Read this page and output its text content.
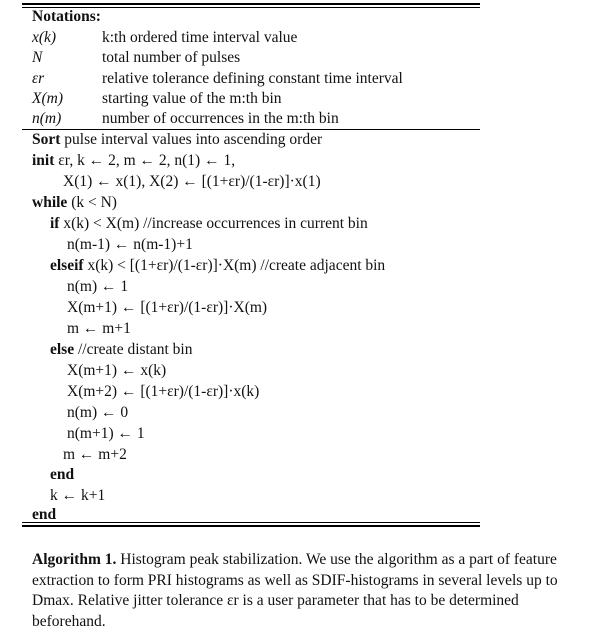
Notations:
x(k)	k:th ordered time interval value
N	total number of pulses
εr	relative tolerance defining constant time interval
X(m)	starting value of the m:th bin
n(m)	number of occurrences in the m:th bin
Sort pulse interval values into ascending order
init εr, k ← 2, m ← 2, n(1) ← 1,
X(1) ← x(1), X(2) ← [(1+εr)/(1-εr)]·x(1)
while (k < N)
if x(k) < X(m) //increase occurrences in current bin
n(m-1) ← n(m-1)+1
elseif x(k) < [(1+εr)/(1-εr)]·X(m) //create adjacent bin
n(m) ← 1
X(m+1) ← [(1+εr)/(1-εr)]·X(m)
m ← m+1
else //create distant bin
X(m+1) ← x(k)
X(m+2) ← [(1+εr)/(1-εr)]·x(k)
n(m) ← 0
n(m+1) ← 1
m ← m+2
end
k ← k+1
end
Algorithm 1. Histogram peak stabilization. We use the algorithm as a part of feature extraction to form PRI histograms as well as SDIF-histograms in several levels up to Dmax. Relative jitter tolerance εr is a user parameter that has to be determined beforehand.
